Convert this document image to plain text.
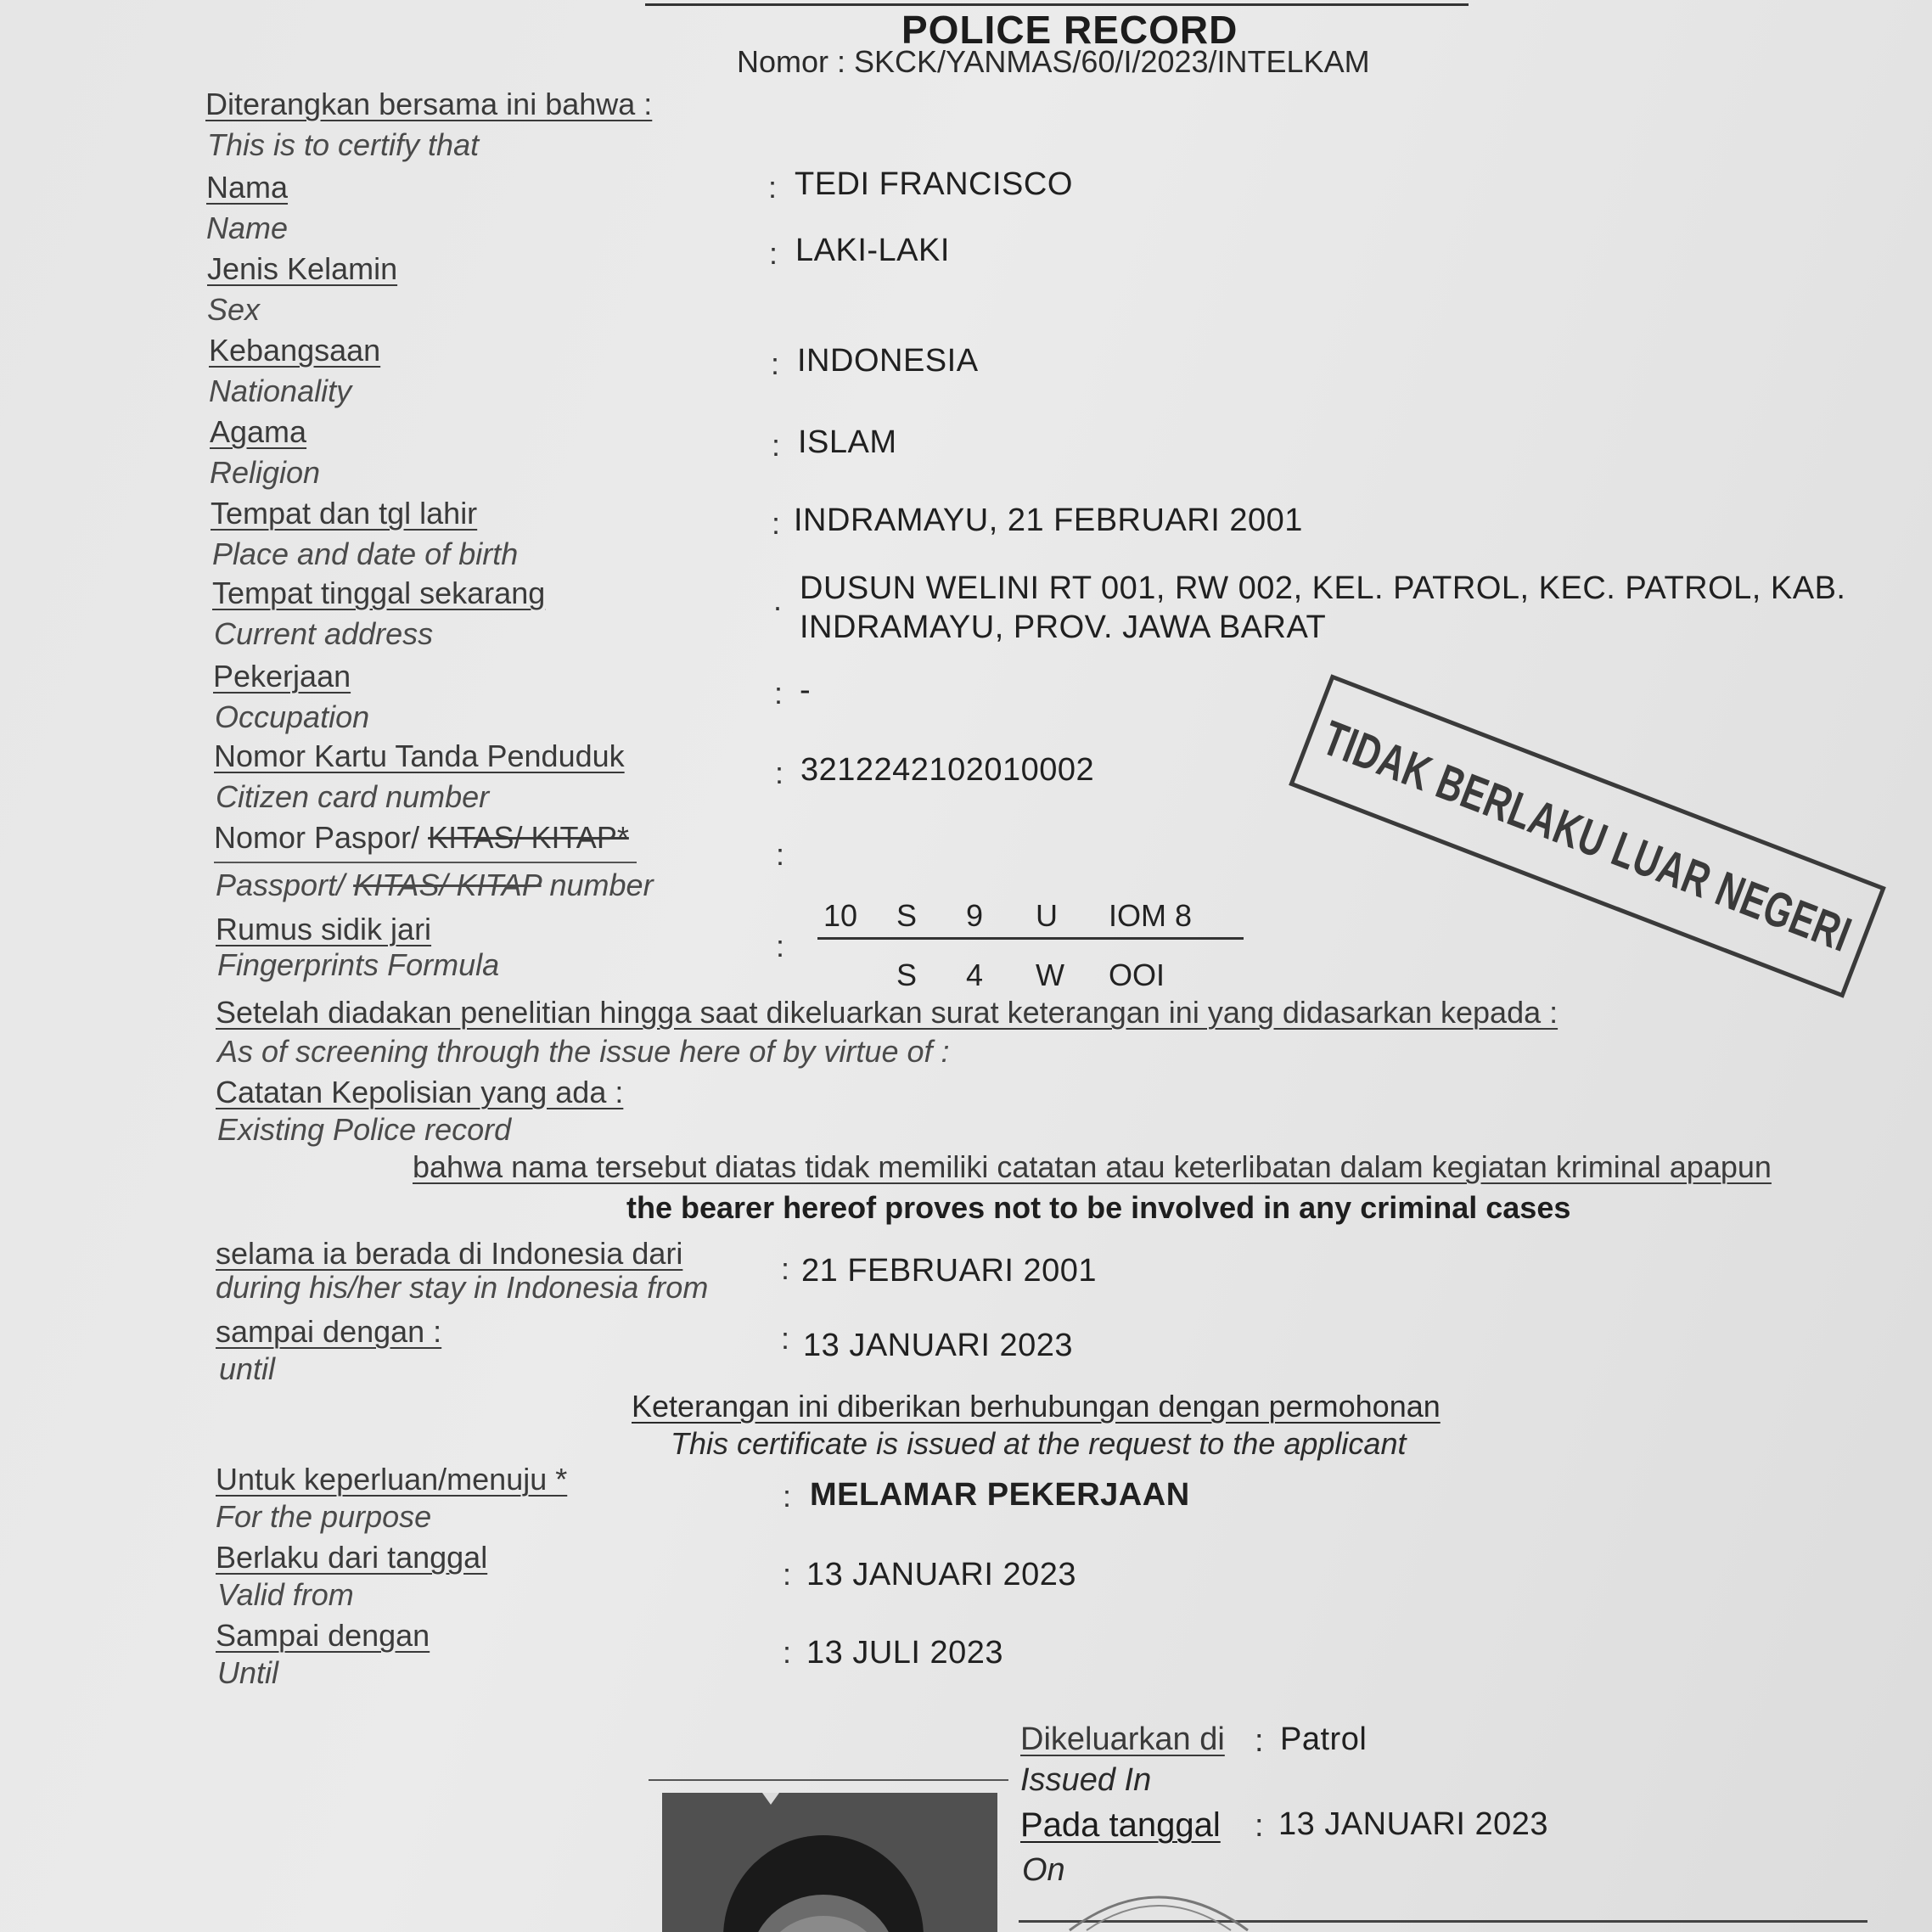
POLICE RECORD
Nomor : SKCK/YANMAS/60/I/2023/INTELKAM
Diterangkan bersama ini bahwa :
This is to certify that
Nama
Name
: TEDI FRANCISCO
Jenis Kelamin
Sex
: LAKI-LAKI
Kebangsaan
Nationality
: INDONESIA
Agama
Religion
: ISLAM
Tempat dan tgl lahir
Place and date of birth
: INDRAMAYU, 21 FEBRUARI 2001
Tempat tinggal sekarang
Current address
. DUSUN WELINI RT 001, RW 002, KEL. PATROL, KEC. PATROL, KAB.
INDRAMAYU, PROV. JAWA BARAT
Pekerjaan
Occupation
: -
Nomor Kartu Tanda Penduduk
Citizen card number
: 3212242102010002
Nomor Paspor/ KITAS/ KITAP*
Passport/ KITAS/ KITAP number
:
Rumus sidik jari
Fingerprints Formula
:
10 S 9 U IOM 8
S 4 W OOI
TIDAK BERLAKU LUAR NEGERI
Setelah diadakan penelitian hingga saat dikeluarkan surat keterangan ini yang didasarkan kepada :
As of screening through the issue here of by virtue of :
Catatan Kepolisian yang ada :
Existing Police record
bahwa nama tersebut diatas tidak memiliki catatan atau keterlibatan dalam kegiatan kriminal apapun
the bearer hereof proves not to be involved in any criminal cases
selama ia berada di Indonesia dari
during his/her stay in Indonesia from
: 21 FEBRUARI 2001
sampai dengan :
until
: 13 JANUARI 2023
Keterangan ini diberikan berhubungan dengan permohonan
This certificate is issued at the request to the applicant
Untuk keperluan/menuju *
For the purpose
: MELAMAR PEKERJAAN
Berlaku dari tanggal
Valid from
: 13 JANUARI 2023
Sampai dengan
Until
: 13 JULI 2023
Dikeluarkan di : Patrol
Issued In
Pada tanggal : 13 JANUARI 2023
On
